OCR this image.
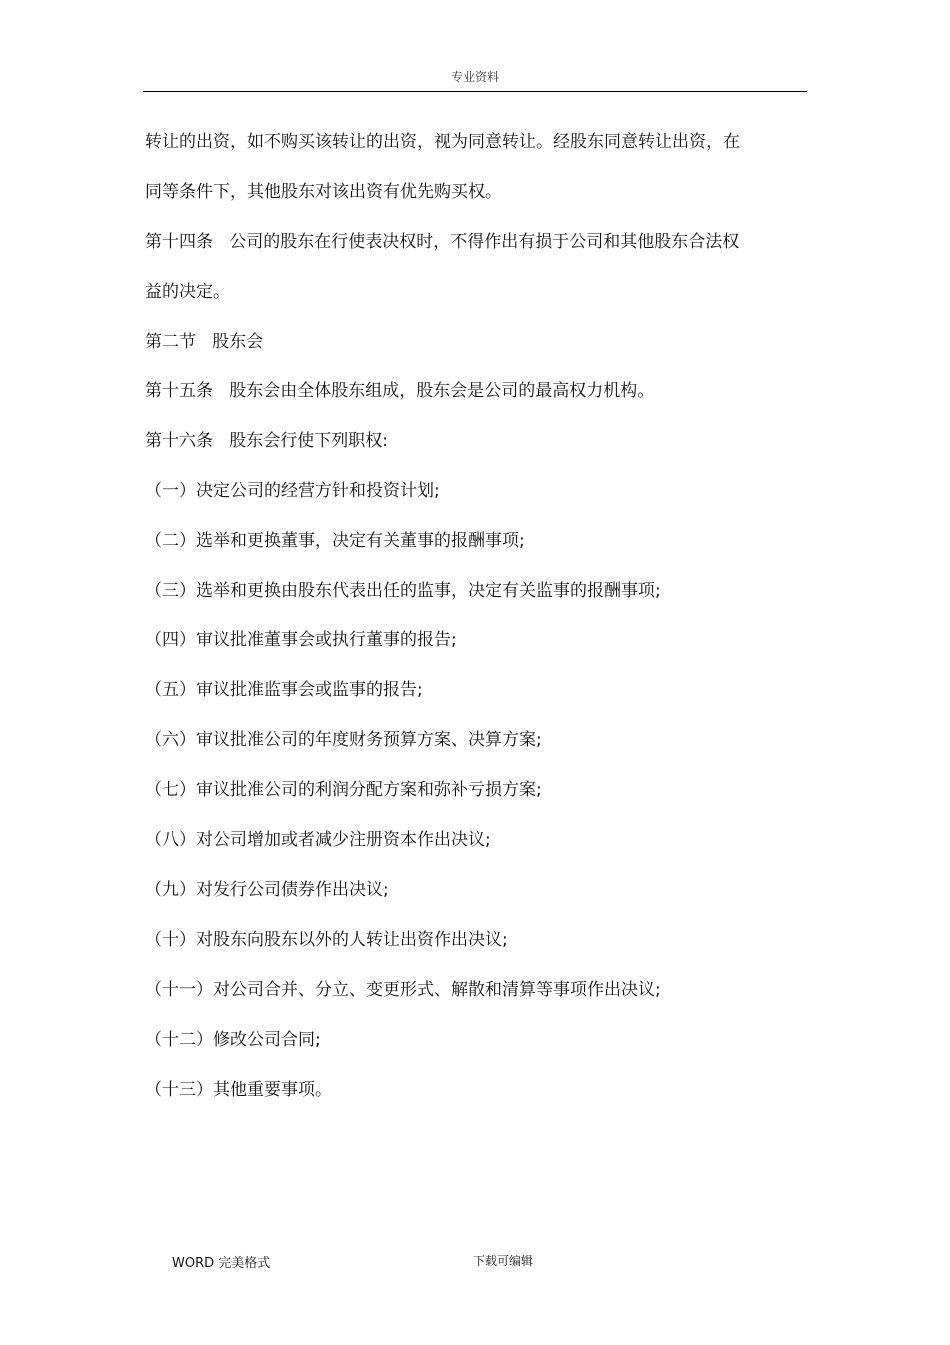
专业资料
转让的出资，如不购买该转让的出资，视为同意转让。经股东同意转让出资，在
同等条件下，其他股东对该出资有优先购买权。
第十四条   公司的股东在行使表决权时，不得作出有损于公司和其他股东合法权
益的决定。
第二节   股东会
第十五条   股东会由全体股东组成，股东会是公司的最高权力机构。
第十六条   股东会行使下列职权:
（一）决定公司的经营方针和投资计划;
（二）选举和更换董事，决定有关董事的报酬事项;
（三）选举和更换由股东代表出任的监事，决定有关监事的报酬事项;
（四）审议批准董事会或执行董事的报告;
（五）审议批准监事会或监事的报告;
（六）审议批准公司的年度财务预算方案、决算方案;
（七）审议批准公司的利润分配方案和弥补亏损方案;
（八）对公司增加或者减少注册资本作出决议;
（九）对发行公司债券作出决议;
（十）对股东向股东以外的人转让出资作出决议;
（十一）对公司合并、分立、变更形式、解散和清算等事项作出决议;
（十二）修改公司合同;
（十三）其他重要事项。
WORD 完美格式	下载可编辑
